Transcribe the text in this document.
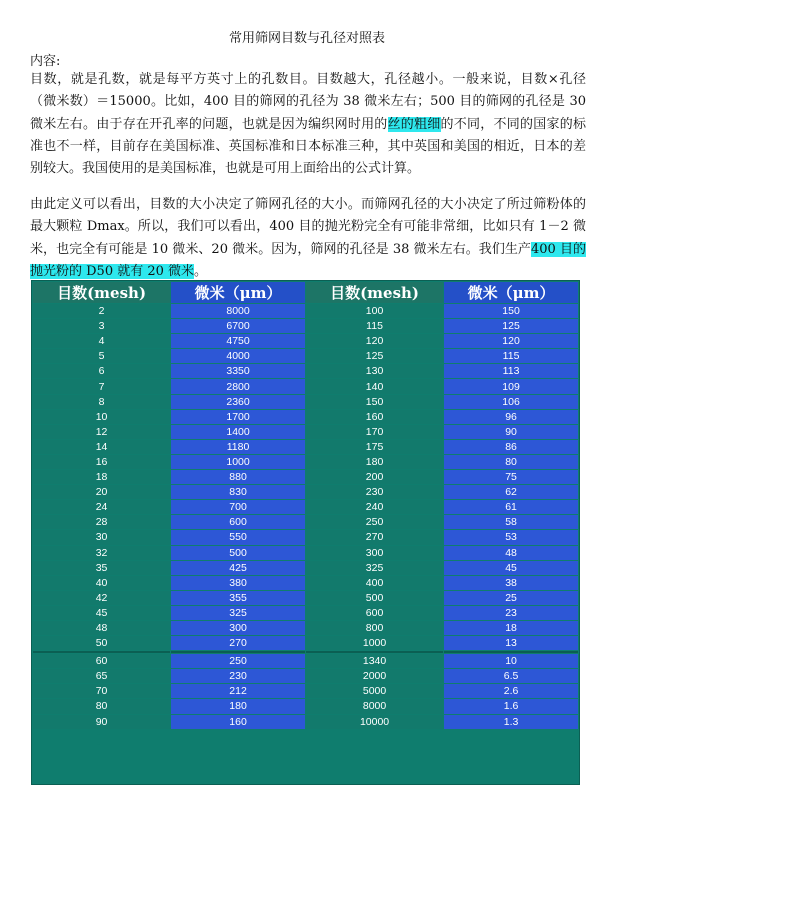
常用筛网目数与孔径对照表
内容:
目数，就是孔数，就是每平方英寸上的孔数目。目数越大，孔径越小。一般来说，目数×孔径（微米数）＝15000。比如，400 目的筛网的孔径为 38 微米左右；500 目的筛网的孔径是 30 微米左右。由于存在开孔率的问题，也就是因为编织网时用的丝的粗细的不同，不同的国家的标准也不一样，目前存在美国标准、英国标准和日本标准三种，其中英国和美国的相近，日本的差别较大。我国使用的是美国标准，也就是可用上面给出的公式计算。
由此定义可以看出，目数的大小决定了筛网孔径的大小。而筛网孔径的大小决定了所过筛粉体的最大颗粒 Dmax。所以，我们可以看出，400 目的抛光粉完全有可能非常细，比如只有 1－2 微米，也完全有可能是 10 微米、20 微米。因为，筛网的孔径是 38 微米左右。我们生产400 目的抛光粉的 D50 就有 20 微米。
目数(mesh)	微米（μm）	目数(mesh)	微米（μm）
2	8000	100	150
3	6700	115	125
4	4750	120	120
5	4000	125	115
6	3350	130	113
7	2800	140	109
8	2360	150	106
10	1700	160	96
12	1400	170	90
14	1180	175	86
16	1000	180	80
18	880	200	75
20	830	230	62
24	700	240	61
28	600	250	58
30	550	270	53
32	500	300	48
35	425	325	45
40	380	400	38
42	355	500	25
45	325	600	23
48	300	800	18
50	270	1000	13

60	250	1340	10
65	230	2000	6.5
70	212	5000	2.6
80	180	8000	1.6
90	160	10000	1.3
www.docin.com
